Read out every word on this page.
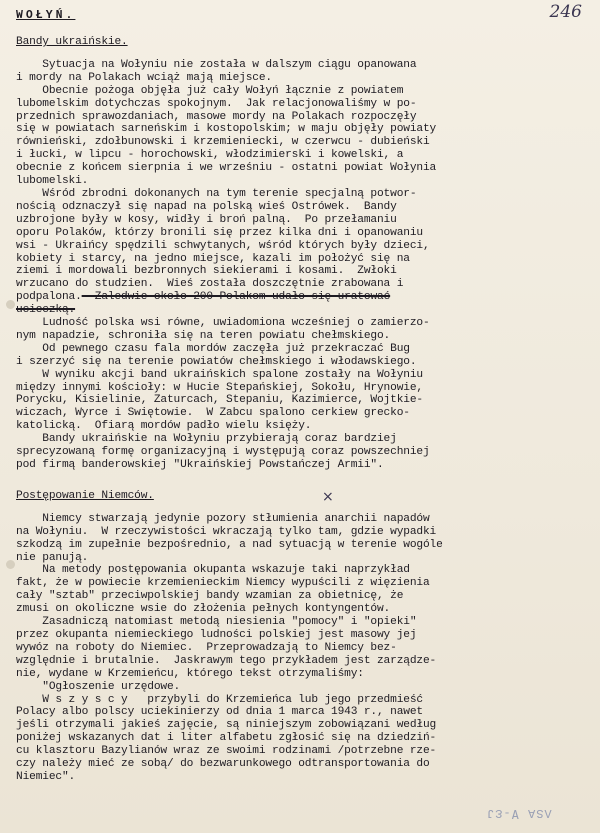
WOŁYŃ.	246
Bandy ukraińskie.
Sytuacja na Wołyniu nie została w dalszym ciągu opanowana
i mordy na Polakach wciąż mają miejsce.
Obecnie pożoga objęła już cały Wołyń łącznie z powiatem
lubomelskim dotychczas spokojnym.  Jak relacjonowaliśmy w po-
przednich sprawozdaniach, masowe mordy na Polakach rozpoczęły
się w powiatach sarneńskim i kostopolskim; w maju objęły powiaty
równieński, zdołbunowski i krzemieniecki, w czerwcu - dubieński
i łucki, w lipcu - horochowski, włodzimierski i kowelski, a
obecnie z końcem sierpnia i we wrześniu - ostatni powiat Wołynia
lubomelski.
Wśród zbrodni dokonanych na tym terenie specjalną potwor-
nością odznaczył się napad na polską wieś Ostrówek.  Bandy
uzbrojone były w kosy, widły i broń palną.  Po przełamaniu
oporu Polaków, którzy bronili się przez kilka dni i opanowaniu
wsi - Ukraińcy spędzili schwytanych, wśród których były dzieci,
kobiety i starcy, na jedno miejsce, kazali im położyć się na
ziemi i mordowali bezbronnych siekierami i kosami.  Zwłoki
wrzucano do studzien.  Wieś została doszczętnie zrabowana i
podpalona.  Zaledwie około 200 Polakom udało się uratować
ucieczką.
Ludność polska wsi równe, uwiadomiona wcześniej o zamierzo-
nym napadzie, schroniła się na teren powiatu chełmskiego.
Od pewnego czasu fala mordów zaczęła już przekraczać Bug
i szerzyć się na terenie powiatów chełmskiego i włodawskiego.
W wyniku akcji band ukraińskich spalone zostały na Wołyniu
między innymi kościoły: w Hucie Stepańskiej, Sokołu, Hrynowie,
Porycku, Kisielinie, Zaturcach, Stepaniu, Kazimierce, Wojtkie-
wiczach, Wyrce i Swiętowie.  W Zabcu spalono cerkiew grecko-
katolicką.  Ofiarą mordów padło wielu księży.
Bandy ukraińskie na Wołyniu przybierają coraz bardziej
sprecyzowaną formę organizacyjną i występują coraz powszechniej
pod firmą banderowskiej "Ukraińskiej Powstańczej Armii".
Postępowanie Niemców.
Niemcy stwarzają jedynie pozory stłumienia anarchii napadów
na Wołyniu.  W rzeczywistości wkraczają tylko tam, gdzie wypadki
szkodzą im zupełnie bezpośrednio, a nad sytuacją w terenie wogóle
nie panują.
Na metody postępowania okupanta wskazuje taki naprzykład
fakt, że w powiecie krzemienieckim Niemcy wypuścili z więzienia
cały "sztab" przeciwpolskiej bandy wzamian za obietnicę, że
zmusi on okoliczne wsie do złożenia pełnych kontyngentów.
Zasadniczą natomiast metodą niesienia "pomocy" i "opieki"
przez okupanta niemieckiego ludności polskiej jest masowy jej
wywóz na roboty do Niemiec.  Przeprowadzają to Niemcy bez-
względnie i brutalnie.  Jaskrawym tego przykładem jest zarządze-
nie, wydane w Krzemieńcu, którego tekst otrzymaliśmy:
"Ogłoszenie urzędowe.
W s z y s c y   przybyli do Krzemieńca lub jego przedmieść
Polacy albo polscy uciekinierzy od dnia 1 marca 1943 r., nawet
jeśli otrzymali jakieś zajęcie, są niniejszym zobowiązani według
poniżej wskazanych dat i liter alfabetu zgłosić się na dziedziń-
cu klasztoru Bazylianów wraz ze swoimi rodzinami /potrzebne rze-
czy należy mieć ze sobą/ do bezwarunkowego odtransportowania do
Niemiec".
×
ɅSA Ɐ-ƐJ
